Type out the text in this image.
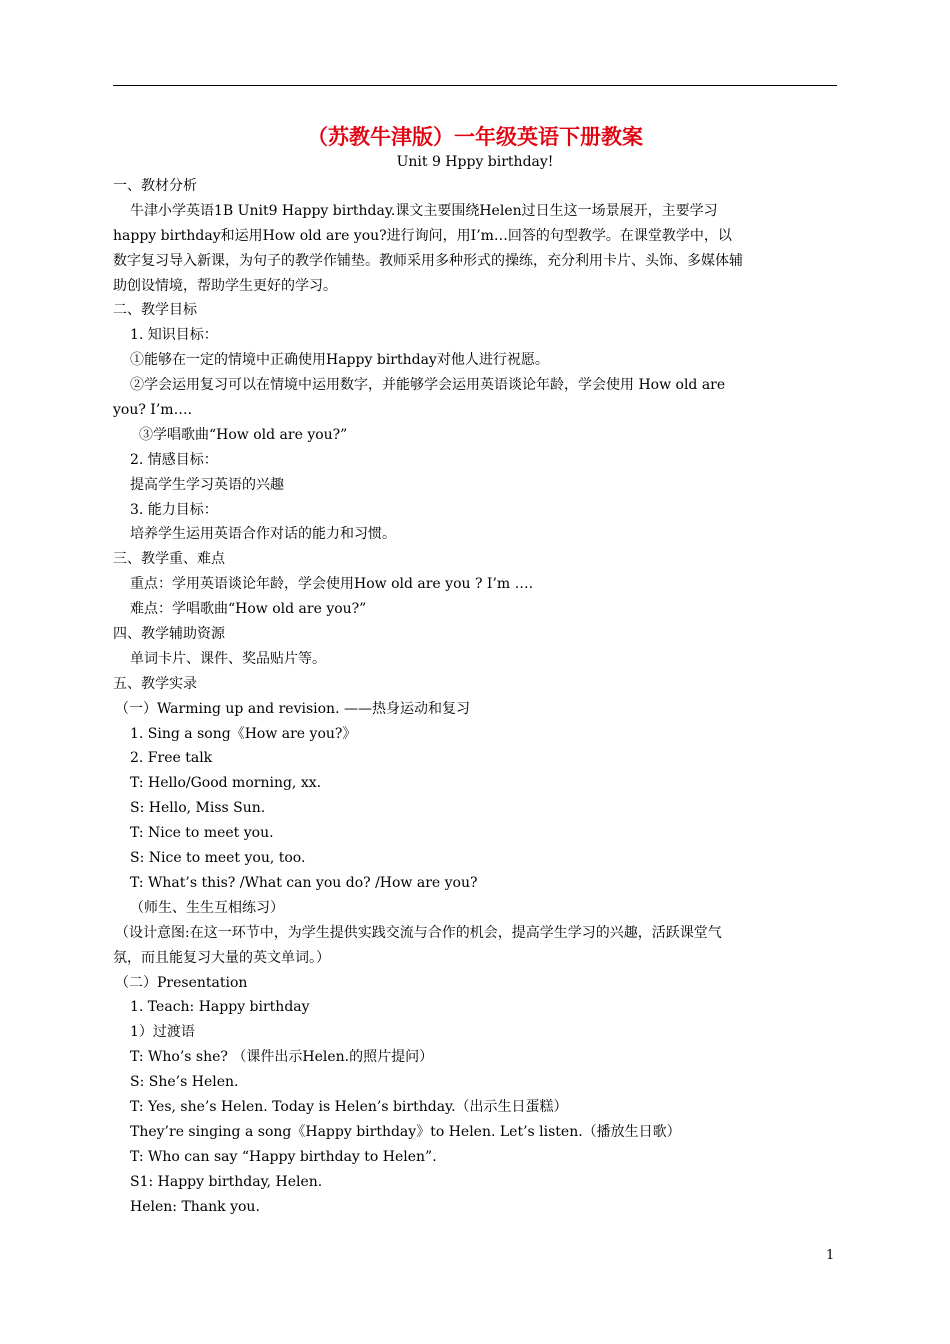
（苏教牛津版）一年级英语下册教案
Unit 9 Hppy birthday!
一、教材分析
牛津小学英语1B Unit9 Happy birthday.课文主要围绕Helen过日生这一场景展开，主要学习
happy birthday和运用How old are you?进行询问，用I’m…回答的句型教学。在课堂教学中，以
数字复习导入新课，为句子的教学作铺垫。教师采用多种形式的操练，充分利用卡片、头饰、多媒体辅
助创设情境，帮助学生更好的学习。
二、教学目标
1. 知识目标：
①能够在一定的情境中正确使用Happy birthday对他人进行祝愿。
②学会运用复习可以在情境中运用数字，并能够学会运用英语谈论年龄，学会使用 How old are
you? I’m….
③学唱歌曲“How old are you?”
2. 情感目标：
提高学生学习英语的兴趣
3. 能力目标：
培养学生运用英语合作对话的能力和习惯。
三、教学重、难点
重点：学用英语谈论年龄，学会使用How old are you ? I’m ….
难点：学唱歌曲“How old are you?”
四、教学辅助资源
单词卡片、课件、奖品贴片等。
五、教学实录
（一）Warming up and revision. ——热身运动和复习
1. Sing a song《How are you?》
2. Free talk
T: Hello/Good morning, xx.
S: Hello, Miss Sun.
T: Nice to meet you.
S: Nice to meet you, too.
T: What’s this? /What can you do? /How are you?
（师生、生生互相练习）
（设计意图:在这一环节中，为学生提供实践交流与合作的机会，提高学生学习的兴趣，活跃课堂气
氛，而且能复习大量的英文单词。）
（二）Presentation
1. Teach: Happy birthday
1）过渡语
T: Who’s she? （课件出示Helen.的照片提问）
S: She’s Helen.
T: Yes, she’s Helen. Today is Helen’s birthday.（出示生日蛋糕）
They’re singing a song《Happy birthday》to Helen. Let’s listen.（播放生日歌）
T: Who can say “Happy birthday to Helen”.
S1: Happy birthday, Helen.
Helen: Thank you.
1
